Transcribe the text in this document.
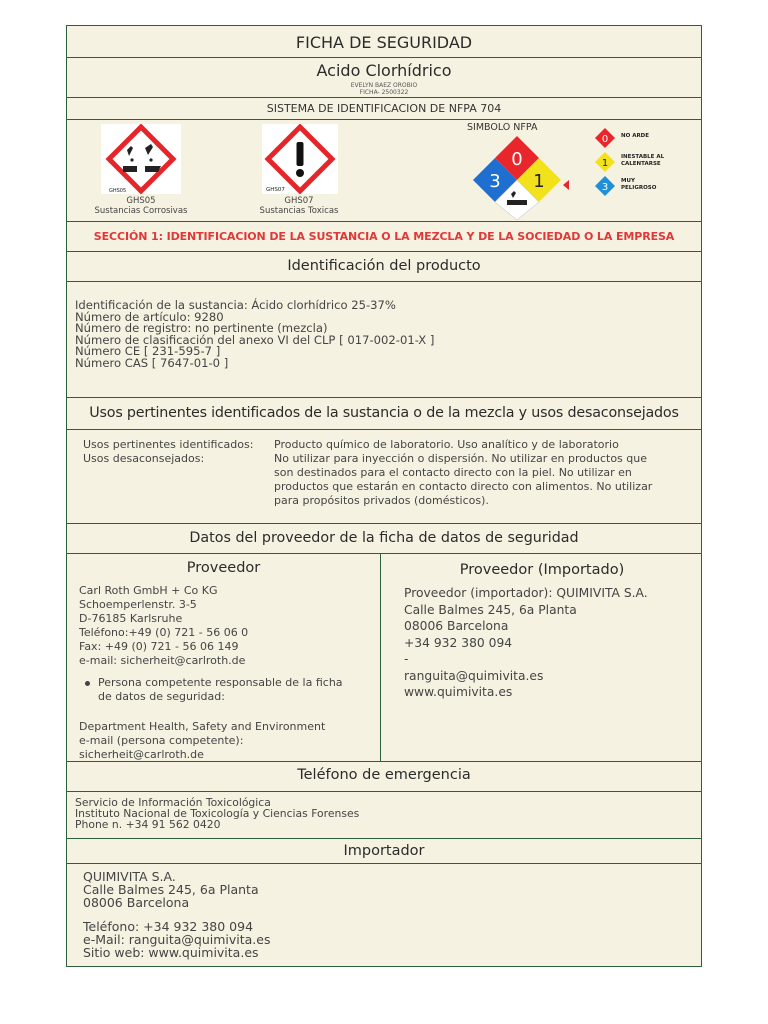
FICHA DE SEGURIDAD
Acido Clorhídrico
EVELYN BAEZ OROBIO
FICHA- 2500322
SISTEMA DE IDENTIFICACION DE NFPA 704
GHS05
GHS05
Sustancias Corrosivas
GHS07
GHS07
Sustancias Toxicas
SIMBOLO NFPA
0
3 1
0 NO ARDE
1
INESTABLE AL CALENTARSE
3
MUY PELIGROSO
SECCIÓN 1: IDENTIFICACION DE LA SUSTANCIA O LA MEZCLA Y DE LA SOCIEDAD O LA EMPRESA
Identificación del producto
Identificación de la sustancia: Ácido clorhídrico 25-37%
Número de artículo: 9280
Número de registro: no pertinente (mezcla)
Número de clasificación del anexo VI del CLP [ 017-002-01-X ]
Número CE [ 231-595-7 ]
Número CAS [ 7647-01-0 ]
Usos pertinentes identificados de la sustancia o de la mezcla y usos desaconsejados
Usos pertinentes identificados:
Usos desaconsejados:
Producto químico de laboratorio. Uso analítico y de laboratorio
No utilizar para inyección o dispersión. No utilizar en productos que
son destinados para el contacto directo con la piel. No utilizar en
productos que estarán en contacto directo con alimentos. No utilizar
para propósitos privados (domésticos).
Datos del proveedor de la ficha de datos de seguridad
Proveedor
Carl Roth GmbH + Co KG
Schoemperlenstr. 3-5
D-76185 Karlsruhe
Teléfono:+49 (0) 721 - 56 06 0
Fax: +49 (0) 721 - 56 06 149
e-mail: sicherheit@carlroth.de
Persona competente responsable de la ficha
de datos de seguridad:
Department Health, Safety and Environment
e-mail (persona competente):
sicherheit@carlroth.de
Proveedor (Importado)
Proveedor (importador): QUIMIVITA S.A.
Calle Balmes 245, 6a Planta
08006 Barcelona
+34 932 380 094
-
ranguita@quimivita.es
www.quimivita.es
Teléfono de emergencia
Servicio de Información Toxicológica
Instituto Nacional de Toxicología y Ciencias Forenses
Phone n. +34 91 562 0420
Importador
QUIMIVITA S.A.
Calle Balmes 245, 6a Planta
08006 Barcelona
Teléfono: +34 932 380 094
e-Mail: ranguita@quimivita.es
Sitio web: www.quimivita.es
